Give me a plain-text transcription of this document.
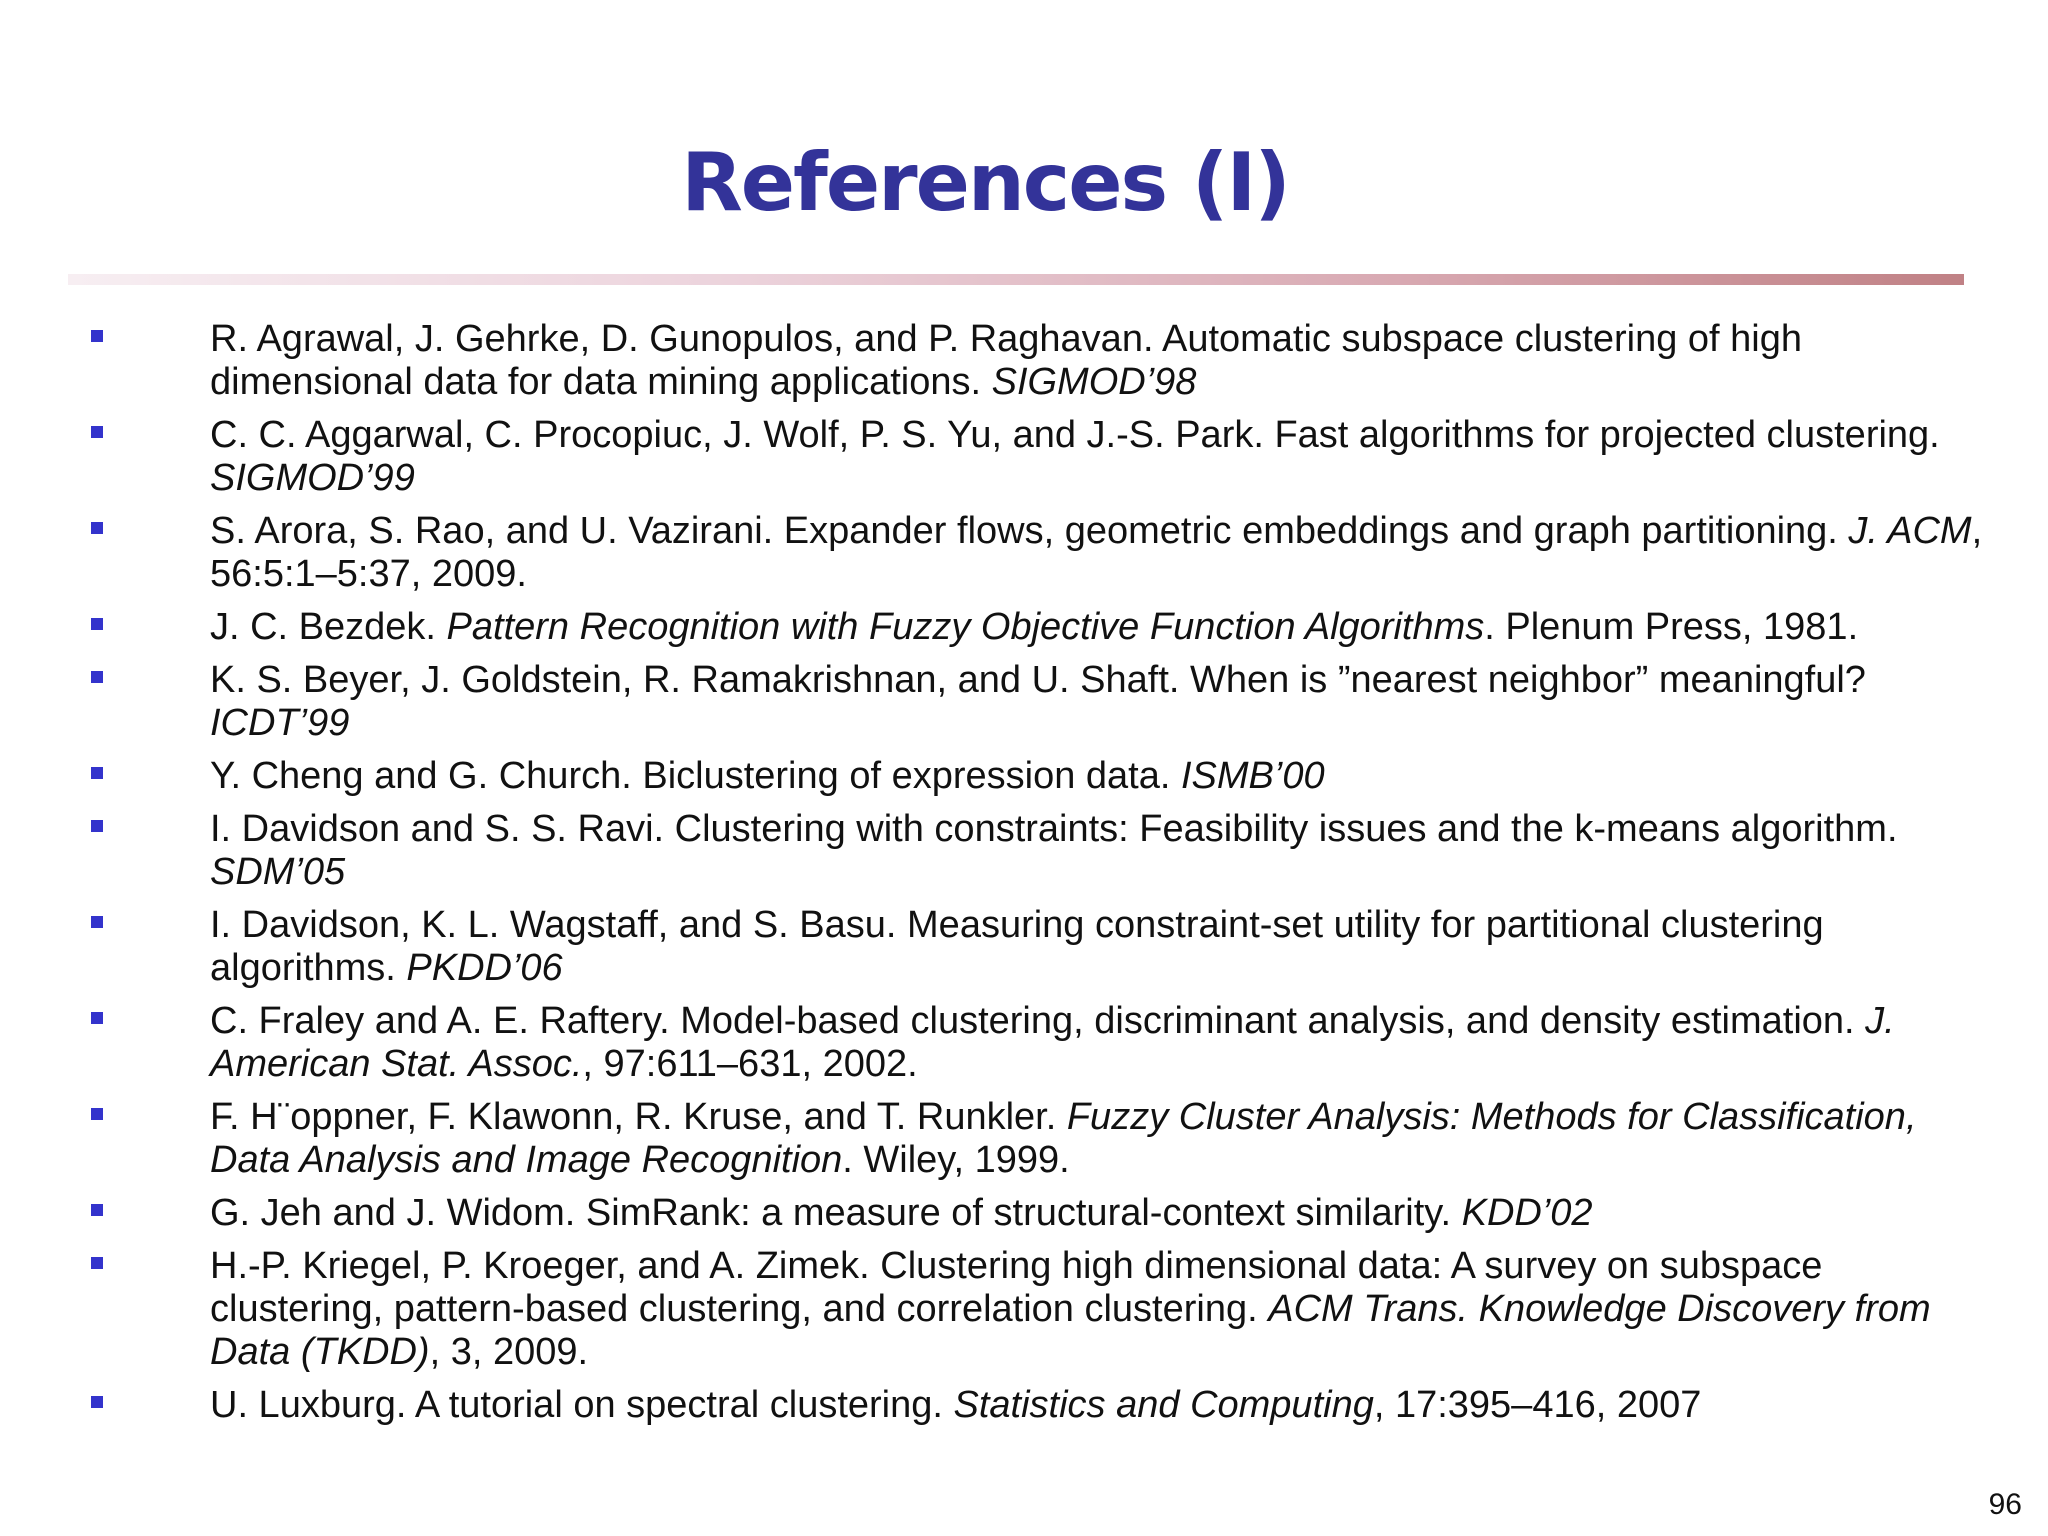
References (I)
R. Agrawal, J. Gehrke, D. Gunopulos, and P. Raghavan. Automatic subspace clustering of high dimensional data for data mining applications. SIGMOD’98
C. C. Aggarwal, C. Procopiuc, J. Wolf, P. S. Yu, and J.-S. Park. Fast algorithms for projected clustering. SIGMOD’99
S. Arora, S. Rao, and U. Vazirani. Expander flows, geometric embeddings and graph partitioning. J. ACM, 56:5:1–5:37, 2009.
J. C. Bezdek. Pattern Recognition with Fuzzy Objective Function Algorithms. Plenum Press, 1981.
K. S. Beyer, J. Goldstein, R. Ramakrishnan, and U. Shaft. When is ”nearest neighbor” meaningful? ICDT’99
Y. Cheng and G. Church. Biclustering of expression data. ISMB’00
I. Davidson and S. S. Ravi. Clustering with constraints: Feasibility issues and the k-means algorithm. SDM’05
I. Davidson, K. L. Wagstaff, and S. Basu. Measuring constraint-set utility for partitional clustering algorithms. PKDD’06
C. Fraley and A. E. Raftery. Model-based clustering, discriminant analysis, and density estimation. J. American Stat. Assoc., 97:611–631, 2002.
F. H¨oppner, F. Klawonn, R. Kruse, and T. Runkler. Fuzzy Cluster Analysis: Methods for Classification, Data Analysis and Image Recognition. Wiley, 1999.
G. Jeh and J. Widom. SimRank: a measure of structural-context similarity. KDD’02
H.-P. Kriegel, P. Kroeger, and A. Zimek. Clustering high dimensional data: A survey on subspace clustering, pattern-based clustering, and correlation clustering. ACM Trans. Knowledge Discovery from Data (TKDD), 3, 2009.
U. Luxburg. A tutorial on spectral clustering. Statistics and Computing, 17:395–416, 2007
96
